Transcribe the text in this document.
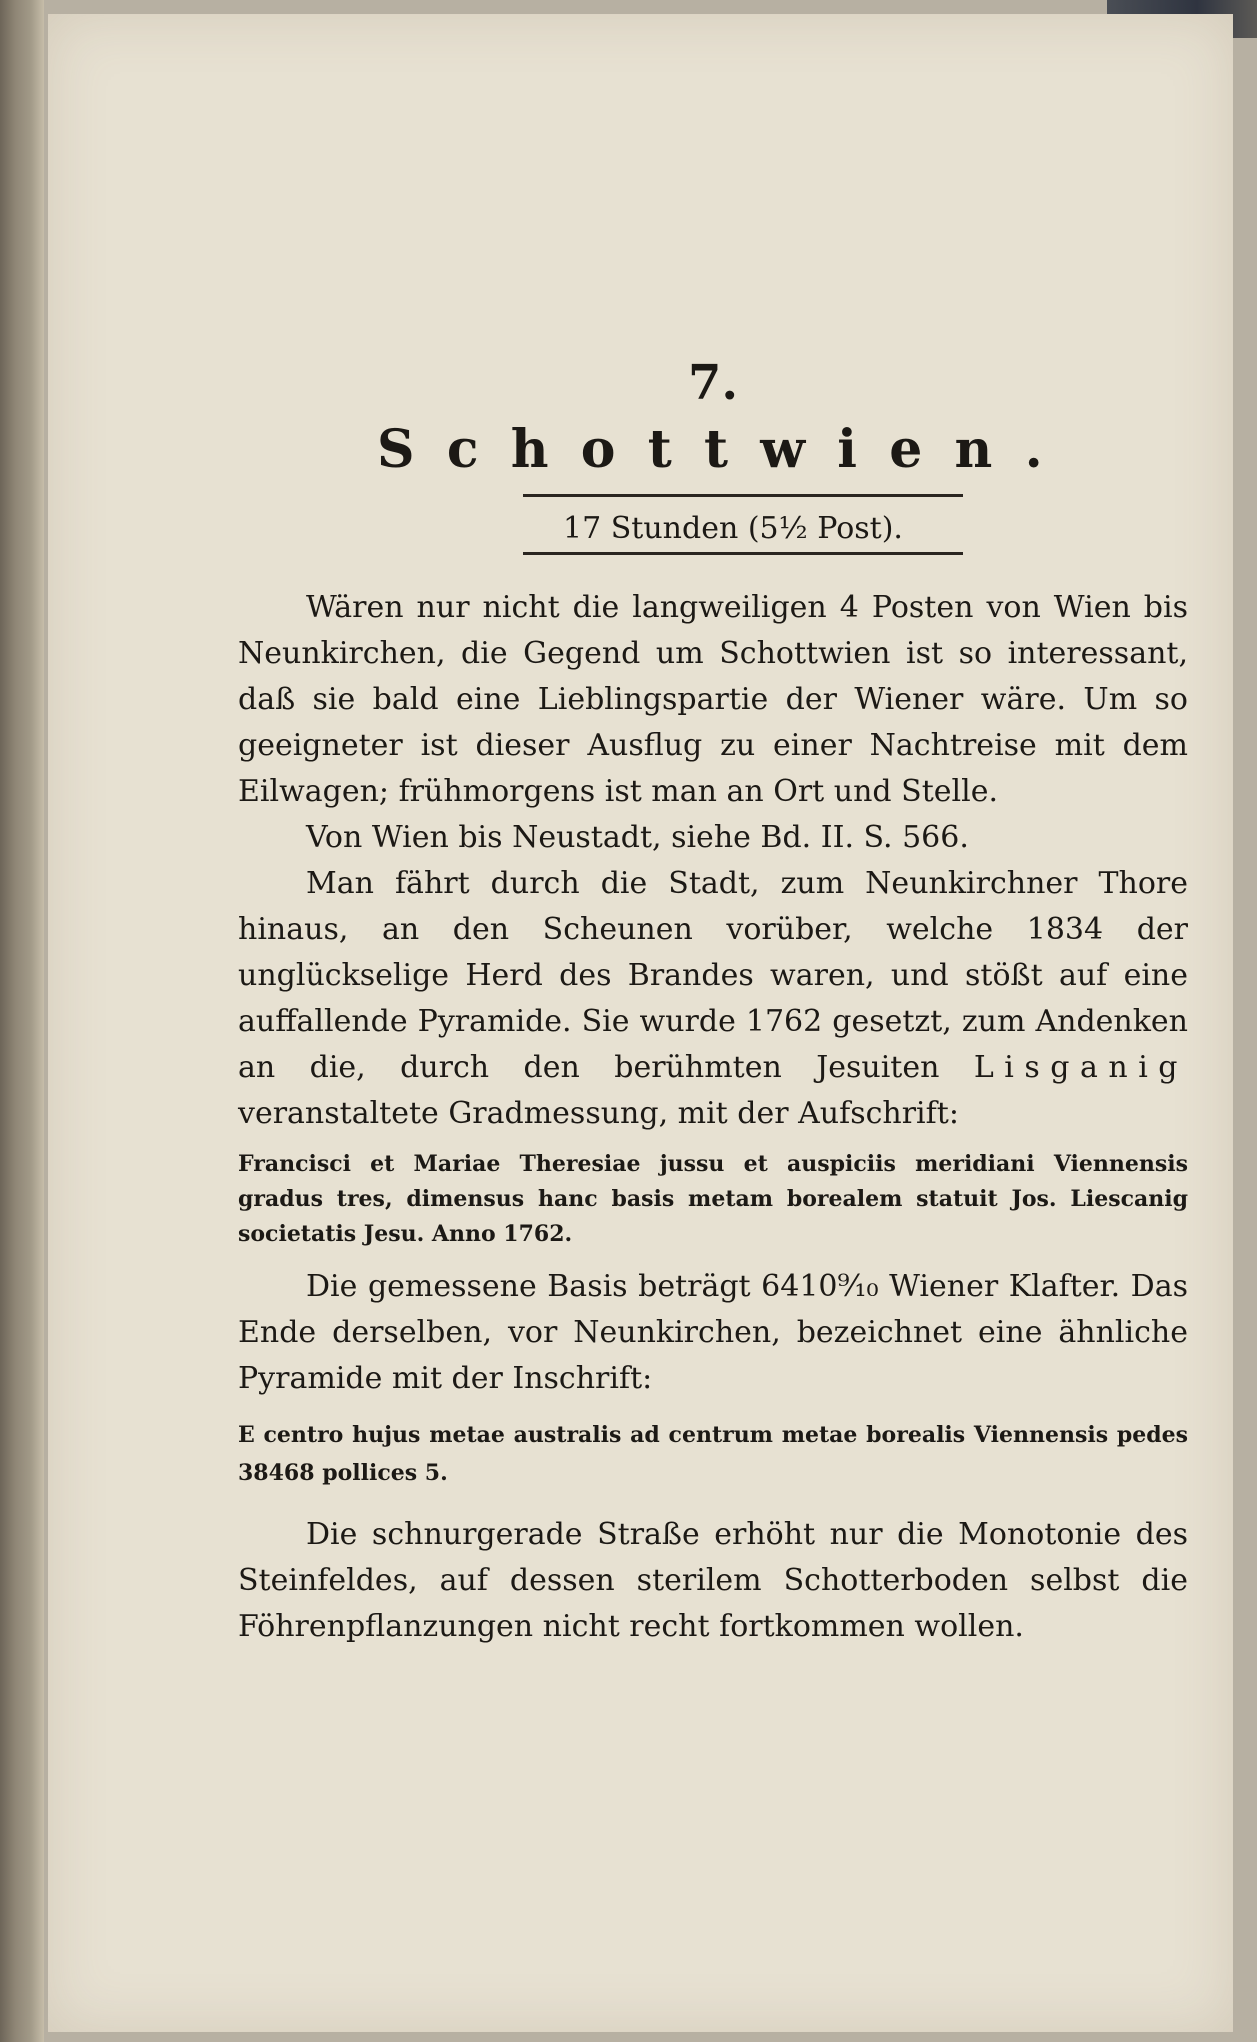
7.
Schottwien.

17 Stunden (5½ Post).

Wären nur nicht die langweiligen 4 Posten von Wien bis Neunkirchen, die Gegend um Schottwien ist so interessant, daß sie bald eine Lieblingspartie der Wiener wäre. Um so geeigneter ist dieser Ausflug zu einer Nachtreise mit dem Eilwagen; frühmorgens ist man an Ort und Stelle.

Von Wien bis Neustadt, siehe Bd. II. S. 566.

Man fährt durch die Stadt, zum Neunkirchner Thore hinaus, an den Scheunen vorüber, welche 1834 der unglückselige Herd des Brandes waren, und stößt auf eine auffallende Pyramide. Sie wurde 1762 gesetzt, zum Andenken an die, durch den berühmten Jesuiten Lisganig veranstaltete Gradmessung, mit der Aufschrift:

Francisci et Mariae Theresiae jussu et auspiciis meridiani Viennensis gradus tres, dimensus hanc basis metam borealem statuit Jos. Liescanig societatis Jesu. Anno 1762.

Die gemessene Basis beträgt 6410⁹⁄₁₀ Wiener Klafter. Das Ende derselben, vor Neunkirchen, bezeichnet eine ähnliche Pyramide mit der Inschrift:

E centro hujus metae australis ad centrum metae borealis Viennensis pedes 38468 pollices 5.

Die schnurgerade Straße erhöht nur die Monotonie des Steinfeldes, auf dessen sterilem Schotterboden selbst die Föhrenpflanzungen nicht recht fortkommen wollen.
